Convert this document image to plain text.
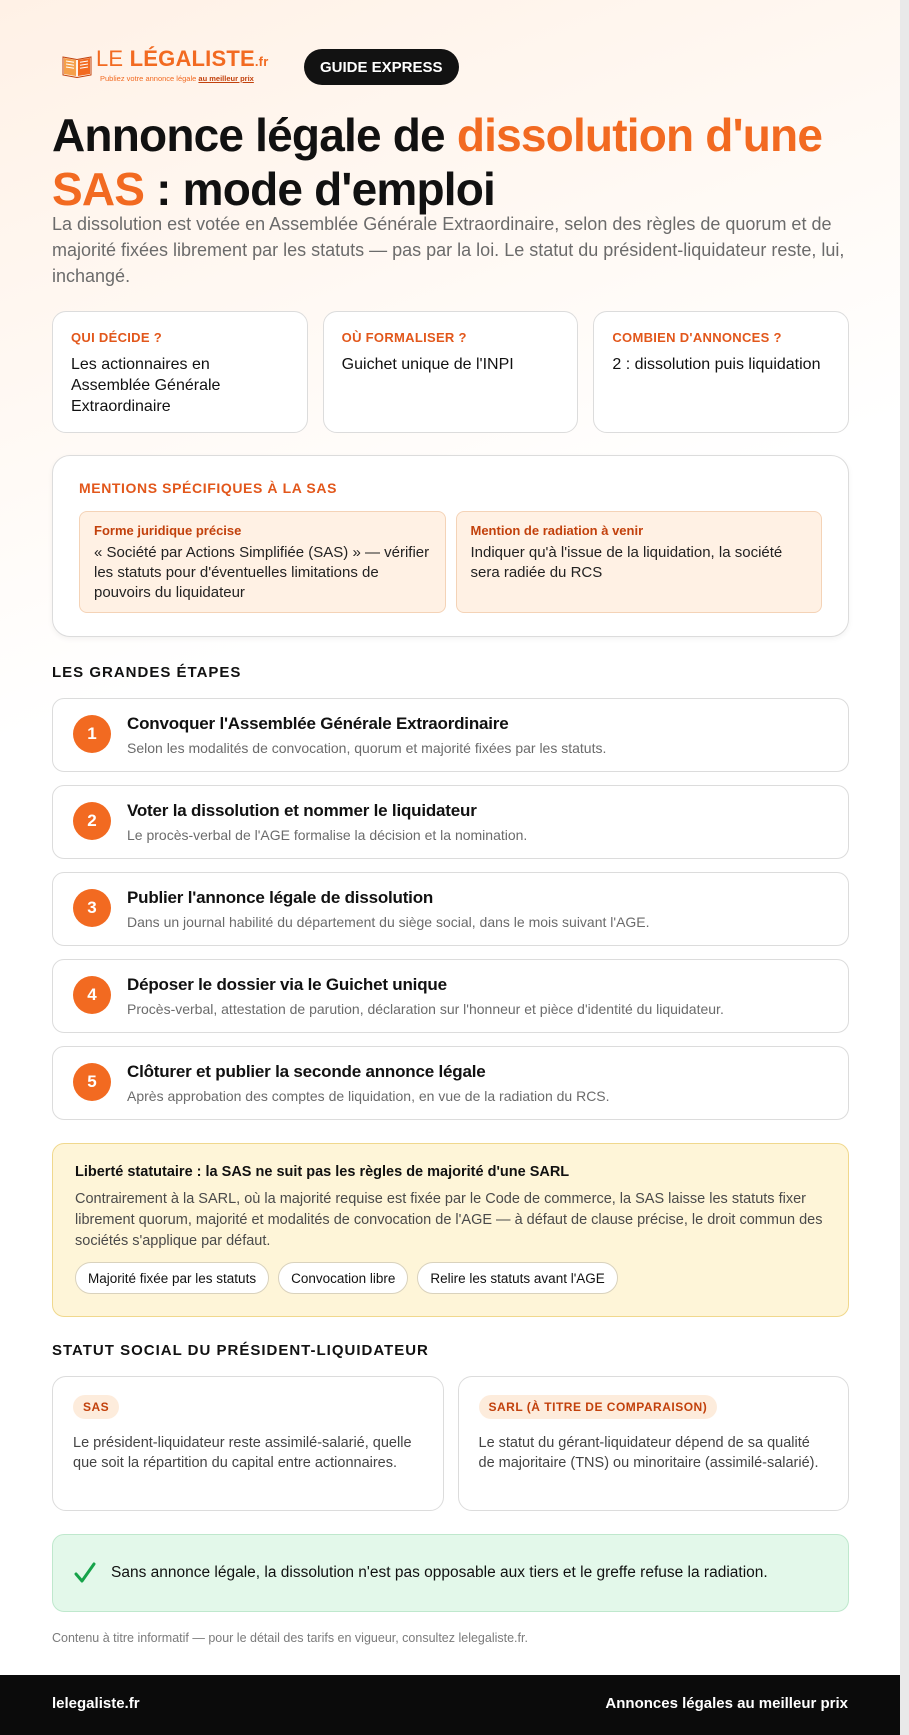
LE LÉGALISTE.fr
Publiez votre annonce légale au meilleur prix
GUIDE EXPRESS
Annonce légale de dissolution d'une
SAS : mode d'emploi

La dissolution est votée en Assemblée Générale Extraordinaire, selon des règles de quorum et de majorité fixées librement par les statuts — pas par la loi. Le statut du président-liquidateur reste, lui, inchangé.

QUI DÉCIDE ?
Les actionnaires en Assemblée Générale Extraordinaire
OÙ FORMALISER ?
Guichet unique de l'INPI
COMBIEN D'ANNONCES ?
2 : dissolution puis liquidation
MENTIONS SPÉCIFIQUES À LA SAS
Forme juridique précise
« Société par Actions Simplifiée (SAS) » — vérifier les statuts pour d'éventuelles limitations de pouvoirs du liquidateur
Mention de radiation à venir
Indiquer qu'à l'issue de la liquidation, la société sera radiée du RCS
LES GRANDES ÉTAPES
1
Convoquer l'Assemblée Générale Extraordinaire
Selon les modalités de convocation, quorum et majorité fixées par les statuts.
2
Voter la dissolution et nommer le liquidateur
Le procès-verbal de l'AGE formalise la décision et la nomination.
3
Publier l'annonce légale de dissolution
Dans un journal habilité du département du siège social, dans le mois suivant l'AGE.
4
Déposer le dossier via le Guichet unique
Procès-verbal, attestation de parution, déclaration sur l'honneur et pièce d'identité du liquidateur.
5
Clôturer et publier la seconde annonce légale
Après approbation des comptes de liquidation, en vue de la radiation du RCS.
Liberté statutaire : la SAS ne suit pas les règles de majorité d'une SARL
Contrairement à la SARL, où la majorité requise est fixée par le Code de commerce, la SAS laisse les statuts fixer librement quorum, majorité et modalités de convocation de l'AGE — à défaut de clause précise, le droit commun des sociétés s'applique par défaut.
Majorité fixée par les statuts	Convocation libre	Relire les statuts avant l'AGE
STATUT SOCIAL DU PRÉSIDENT-LIQUIDATEUR
SAS
Le président-liquidateur reste assimilé-salarié, quelle que soit la répartition du capital entre actionnaires.
SARL (À TITRE DE COMPARAISON)
Le statut du gérant-liquidateur dépend de sa qualité de majoritaire (TNS) ou minoritaire (assimilé-salarié).
Sans annonce légale, la dissolution n'est pas opposable aux tiers et le greffe refuse la radiation.
Contenu à titre informatif — pour le détail des tarifs en vigueur, consultez lelegaliste.fr.
lelegaliste.fr	Annonces légales au meilleur prix
